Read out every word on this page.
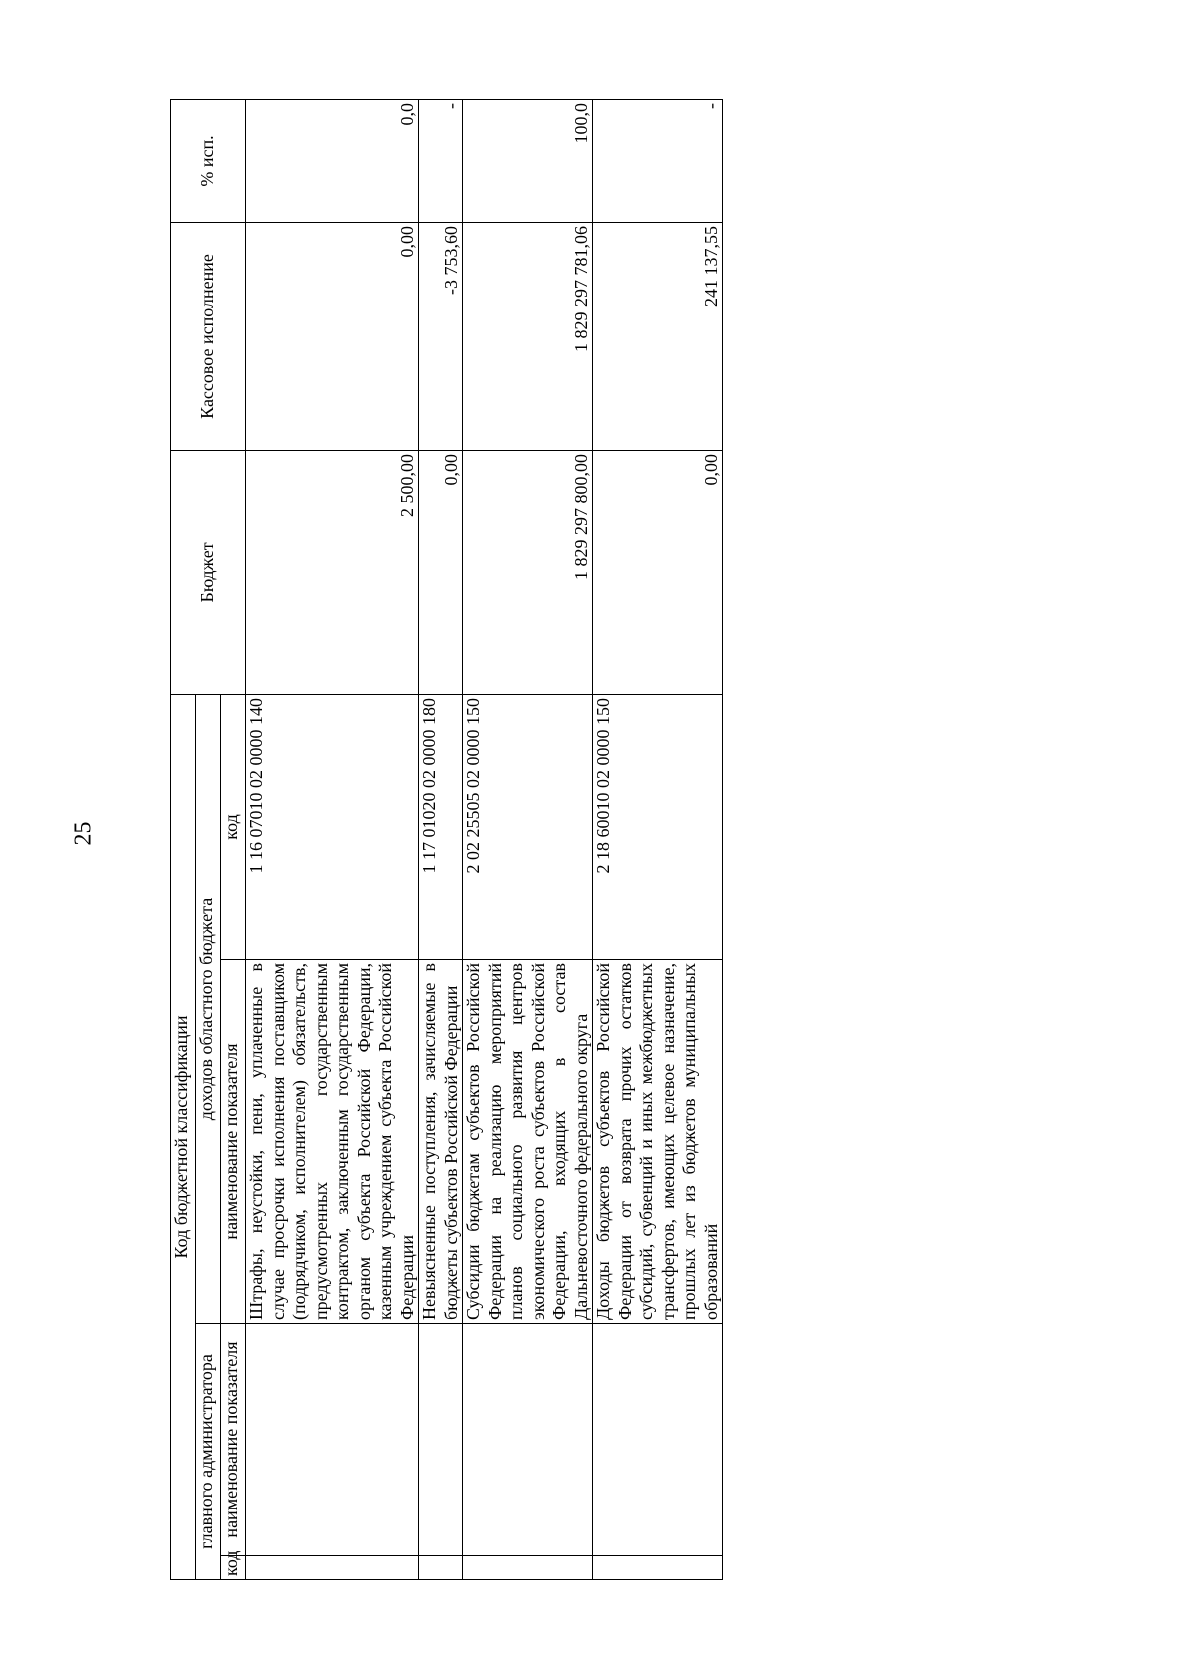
25
Код бюджетной классификации				Бюджет	Кассовое исполнение	% исп.
главного администратора		доходов областного бюджета				
код	наименование показателя	наименование показателя	код			
		Штрафы, неустойки, пени, уплаченные в случае просрочки исполнения поставщиком (подрядчиком, исполнителем) обязательств, предусмотренных государственным контрактом, заключенным государственным органом субъекта Российской Федерации, казенным учреждением субъекта Российской Федерации	1 16 07010 02 0000 140	2 500,00	0,00	0,0
		Невыясненные поступления, зачисляемые в бюджеты субъектов Российской Федерации	1 17 01020 02 0000 180	0,00	-3 753,60	-
		Субсидии бюджетам субъектов Российской Федерации на реализацию мероприятий планов социального развития центров экономического роста субъектов Российской Федерации, входящих в состав Дальневосточного федерального округа	2 02 25505 02 0000 150	1 829 297 800,00	1 829 297 781,06	100,0
		Доходы бюджетов субъектов Российской Федерации от возврата прочих остатков субсидий, субвенций и иных межбюджетных трансфертов, имеющих целевое назначение, прошлых лет из бюджетов муниципальных образований	2 18 60010 02 0000 150	0,00	241 137,55	-
